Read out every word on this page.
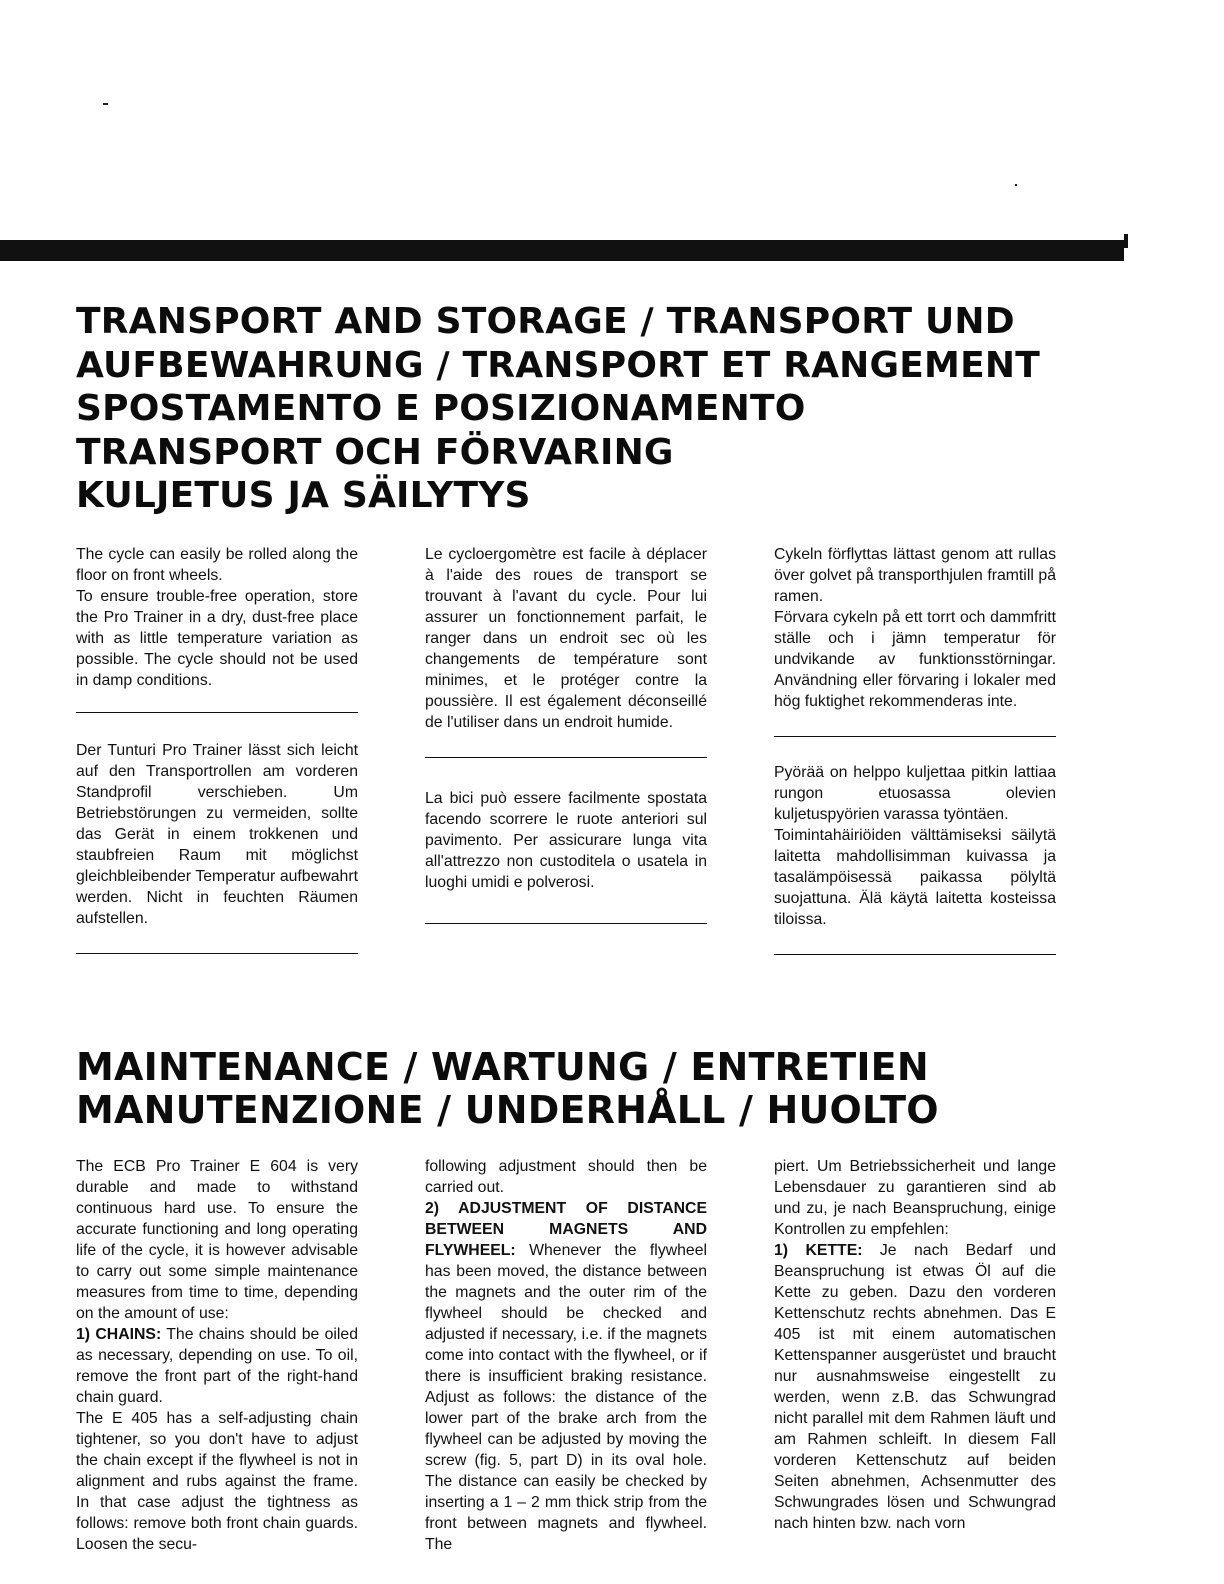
TRANSPORT AND STORAGE / TRANSPORT UND
AUFBEWAHRUNG / TRANSPORT ET RANGEMENT
SPOSTAMENTO E POSIZIONAMENTO
TRANSPORT OCH FÖRVARING
KULJETUS JA SÄILYTYS

The cycle can easily be rolled along the floor on front wheels.

To ensure trouble-free operation, store the Pro Trainer in a dry, dust-free place with as little temperature variation as possible. The cycle should not be used in damp conditions.

Der Tunturi Pro Trainer lässt sich leicht auf den Transportrollen am vorderen Standprofil verschieben. Um Betriebstörungen zu vermeiden, sollte das Gerät in einem trokkenen und staubfreien Raum mit möglichst gleichbleibender Temperatur aufbewahrt werden. Nicht in feuchten Räumen aufstellen.

Le cycloergomètre est facile à déplacer à l'aide des roues de transport se trouvant à l'avant du cycle. Pour lui assurer un fonctionnement parfait, le ranger dans un endroit sec où les changements de température sont minimes, et le protéger contre la poussière. Il est également déconseillé de l'utiliser dans un endroit humide.

La bici può essere facilmente spostata facendo scorrere le ruote anteriori sul pavimento. Per assicurare lunga vita all'attrezzo non custoditela o usatela in luoghi umidi e polverosi.

Cykeln förflyttas lättast genom att rullas över golvet på transporthjulen framtill på ramen.

Förvara cykeln på ett torrt och dammfritt ställe och i jämn temperatur för undvikande av funktionsstörningar. Användning eller förvaring i lokaler med hög fuktighet rekommenderas inte.

Pyörää on helppo kuljettaa pitkin lattiaa rungon etuosassa olevien kuljetuspyörien varassa työntäen.

Toimintahäiriöiden välttämiseksi säilytä laitetta mahdollisimman kuivassa ja tasalämpöisessä paikassa pölyltä suojattuna. Älä käytä laitetta kosteissa tiloissa.

MAINTENANCE / WARTUNG / ENTRETIEN
MANUTENZIONE / UNDERHÅLL / HUOLTO

The ECB Pro Trainer E 604 is very durable and made to withstand continuous hard use. To ensure the accurate functioning and long operating life of the cycle, it is however advisable to carry out some simple maintenance measures from time to time, depending on the amount of use:

1) CHAINS: The chains should be oiled as necessary, depending on use. To oil, remove the front part of the right-hand chain guard.

The E 405 has a self-adjusting chain tightener, so you don't have to adjust the chain except if the flywheel is not in alignment and rubs against the frame. In that case adjust the tightness as follows: remove both front chain guards. Loosen the secu-

following adjustment should then be carried out.

2) ADJUSTMENT OF DISTANCE BETWEEN MAGNETS AND FLYWHEEL: Whenever the flywheel has been moved, the distance between the magnets and the outer rim of the flywheel should be checked and adjusted if necessary, i.e. if the magnets come into contact with the flywheel, or if there is insufficient braking resistance. Adjust as follows: the distance of the lower part of the brake arch from the flywheel can be adjusted by moving the screw (fig. 5, part D) in its oval hole. The distance can easily be checked by inserting a 1 – 2 mm thick strip from the front between magnets and flywheel. The

piert. Um Betriebssicherheit und lange Lebensdauer zu garantieren sind ab und zu, je nach Beanspruchung, einige Kontrollen zu empfehlen:

1) KETTE: Je nach Bedarf und Beanspruchung ist etwas Öl auf die Kette zu geben. Dazu den vorderen Kettenschutz rechts abnehmen. Das E 405 ist mit einem automatischen Kettenspanner ausgerüstet und braucht nur ausnahmsweise eingestellt zu werden, wenn z.B. das Schwungrad nicht parallel mit dem Rahmen läuft und am Rahmen schleift. In diesem Fall vorderen Kettenschutz auf beiden Seiten abnehmen, Achsenmutter des Schwungrades lösen und Schwungrad nach hinten bzw. nach vorn
